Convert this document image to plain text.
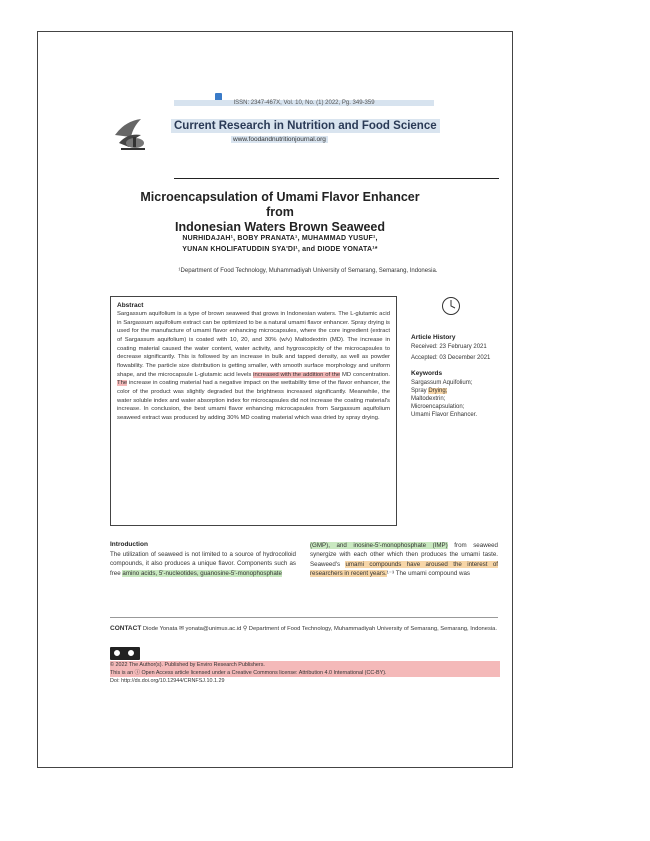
ISSN: 2347-467X, Vol. 10, No. (1) 2022, Pg. 349-359
Current Research in Nutrition and Food Science
www.foodandnutritionjournal.org
Microencapsulation of Umami Flavor Enhancer from
Indonesian Waters Brown Seaweed
NURHIDAJAH¹, BOBY PRANATA¹, MUHAMMAD YUSUF¹,
YUNAN KHOLIFATUDDIN SYA'DI¹, and DIODE YONATA¹*
¹Department of Food Technology, Muhammadiyah University of Semarang, Semarang, Indonesia.
Abstract
Sargassum aquifolium is a type of brown seaweed that grows in Indonesian waters. The L-glutamic acid in Sargassum aquifolium extract can be optimized to be a natural umami flavor enhancer. Spray drying is used for the manufacture of umami flavor enhancing microcapsules, where the core ingredient (extract of Sargassum aquifolium) is coated with 10, 20, and 30% (w/v) Maltodextrin (MD). The increase in coating material caused the water content, water activity, and hygroscopicity of the microcapsules to decrease significantly. This is followed by an increase in bulk and tapped density, as well as powder flowability. The particle size distribution is getting smaller, with smooth surface morphology and uniform shape, and the microcapsule L-glutamic acid levels increased with the addition of the MD concentration. The increase in coating material had a negative impact on the wettability time of the flavor enhancer, the color of the product was slightly degraded but the brightness increased significantly. Meanwhile, the water soluble index and water absorption index for microcapsules did not increase the coating material's increase. In conclusion, the best umami flavor enhancing microcapsules from Sargassum aquifolium seaweed extract was produced by adding 30% MD coating material which was dried by spray drying.
Article History
Received: 23 February 2021
Accepted: 03 December 2021
Keywords
Sargassum Aquifolium;
Spray Drying;
Maltodextrin;
Microencapsulation;
Umami Flavor Enhancer.
Introduction
The utilization of seaweed is not limited to a source of hydrocolloid compounds, it also produces a unique flavor. Components such as free amino acids, 5'-nucleotides, guanosine-5'-monophosphate
(GMP), and inosine-5'-monophosphate (IMP) from seaweed synergize with each other which then produces the umami taste. Seaweed's umami compounds have aroused the interest of researchers in recent years.¹⁻³ The umami compound was
CONTACT Diode Yonata ✉ yonata@unimus.ac.id ⚲ Department of Food Technology, Muhammadiyah University of Semarang, Semarang, Indonesia.
© 2022 The Author(s). Published by Enviro Research Publishers.
This is an ⓘ Open Access article licensed under a Creative Commons license: Attribution 4.0 International (CC-BY).
Doi: http://dx.doi.org/10.12944/CRNFSJ.10.1.29
